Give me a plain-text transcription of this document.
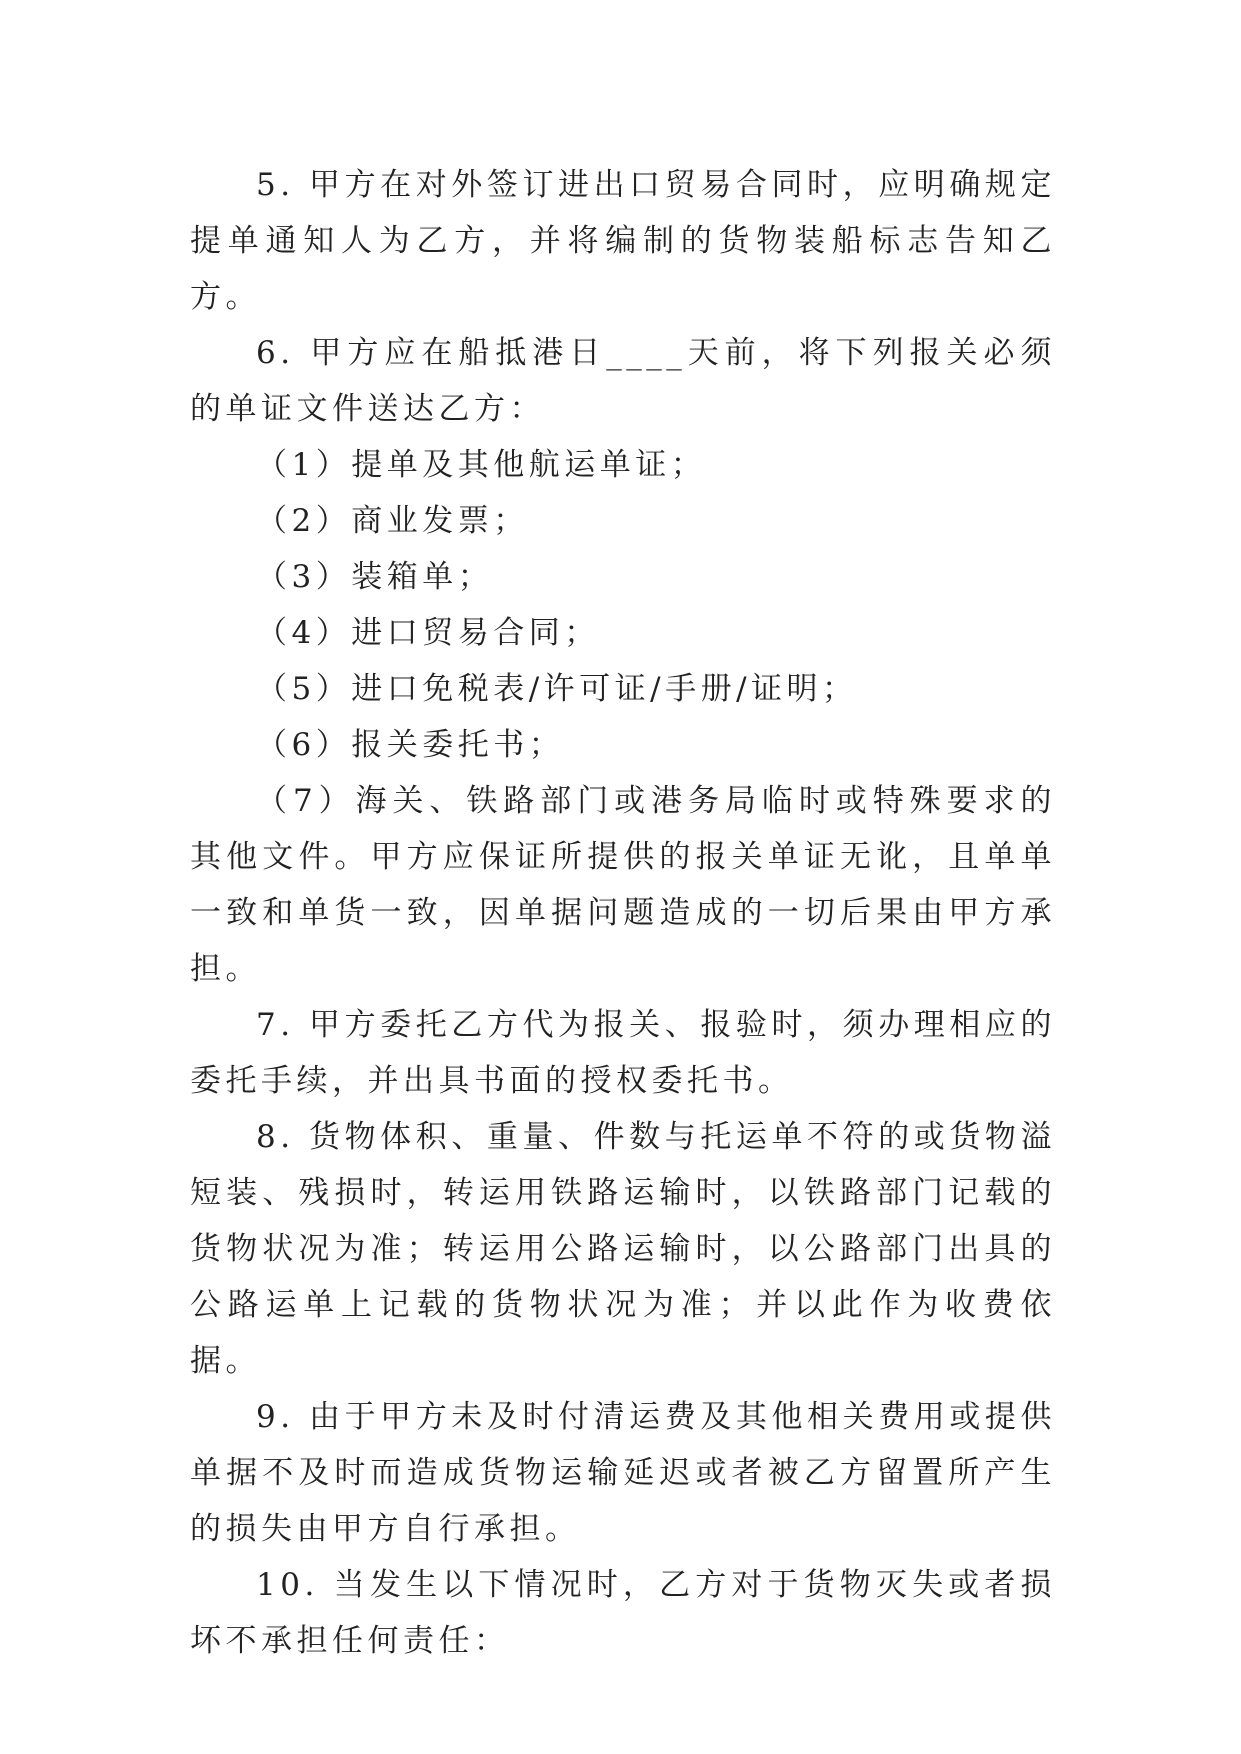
5. 甲方在对外签订进出口贸易合同时，应明确规定提单通知人为乙方，并将编制的货物装船标志告知乙方。

6. 甲方应在船抵港日____天前，将下列报关必须的单证文件送达乙方：

（1）提单及其他航运单证；

（2）商业发票；

（3）装箱单；

（4）进口贸易合同；

（5）进口免税表/许可证/手册/证明；

（6）报关委托书；

（7）海关、铁路部门或港务局临时或特殊要求的其他文件。甲方应保证所提供的报关单证无讹，且单单一致和单货一致，因单据问题造成的一切后果由甲方承担。

7. 甲方委托乙方代为报关、报验时，须办理相应的委托手续，并出具书面的授权委托书。

8. 货物体积、重量、件数与托运单不符的或货物溢短装、残损时，转运用铁路运输时，以铁路部门记载的货物状况为准；转运用公路运输时，以公路部门出具的公路运单上记载的货物状况为准；并以此作为收费依据。

9. 由于甲方未及时付清运费及其他相关费用或提供单据不及时而造成货物运输延迟或者被乙方留置所产生的损失由甲方自行承担。

10. 当发生以下情况时，乙方对于货物灭失或者损坏不承担任何责任：
